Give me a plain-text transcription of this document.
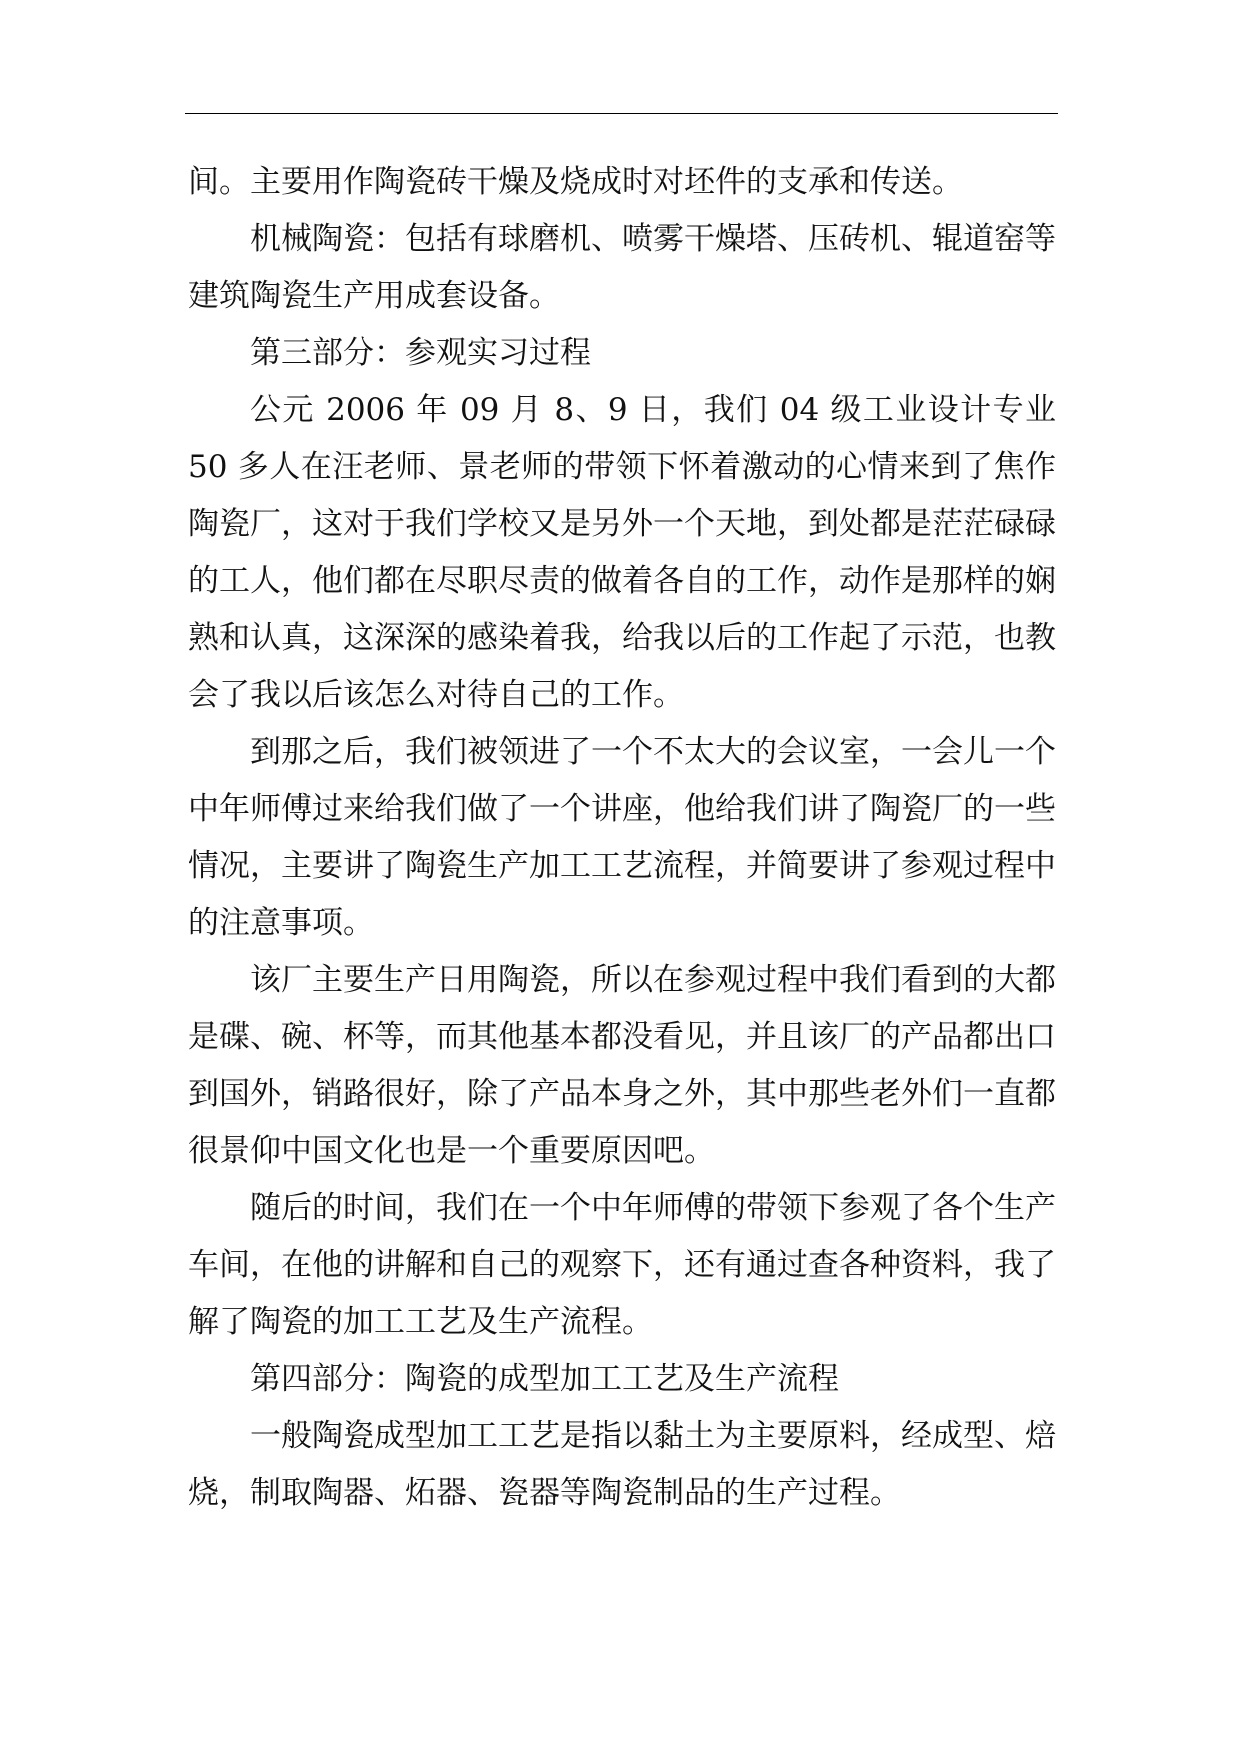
间。主要用作陶瓷砖干燥及烧成时对坯件的支承和传送。

机械陶瓷：包括有球磨机、喷雾干燥塔、压砖机、辊道窑等建筑陶瓷生产用成套设备。

第三部分：参观实习过程

公元 2006 年 09 月 8、9 日，我们 04 级工业设计专业 50 多人在汪老师、景老师的带领下怀着激动的心情来到了焦作陶瓷厂，这对于我们学校又是另外一个天地，到处都是茫茫碌碌的工人，他们都在尽职尽责的做着各自的工作，动作是那样的娴熟和认真，这深深的感染着我，给我以后的工作起了示范，也教会了我以后该怎么对待自己的工作。

到那之后，我们被领进了一个不太大的会议室，一会儿一个中年师傅过来给我们做了一个讲座，他给我们讲了陶瓷厂的一些情况，主要讲了陶瓷生产加工工艺流程，并简要讲了参观过程中的注意事项。

该厂主要生产日用陶瓷，所以在参观过程中我们看到的大都是碟、碗、杯等，而其他基本都没看见，并且该厂的产品都出口到国外，销路很好，除了产品本身之外，其中那些老外们一直都很景仰中国文化也是一个重要原因吧。

随后的时间，我们在一个中年师傅的带领下参观了各个生产车间，在他的讲解和自己的观察下，还有通过查各种资料，我了解了陶瓷的加工工艺及生产流程。

第四部分：陶瓷的成型加工工艺及生产流程

一般陶瓷成型加工工艺是指以黏土为主要原料，经成型、焙烧，制取陶器、炻器、瓷器等陶瓷制品的生产过程。
